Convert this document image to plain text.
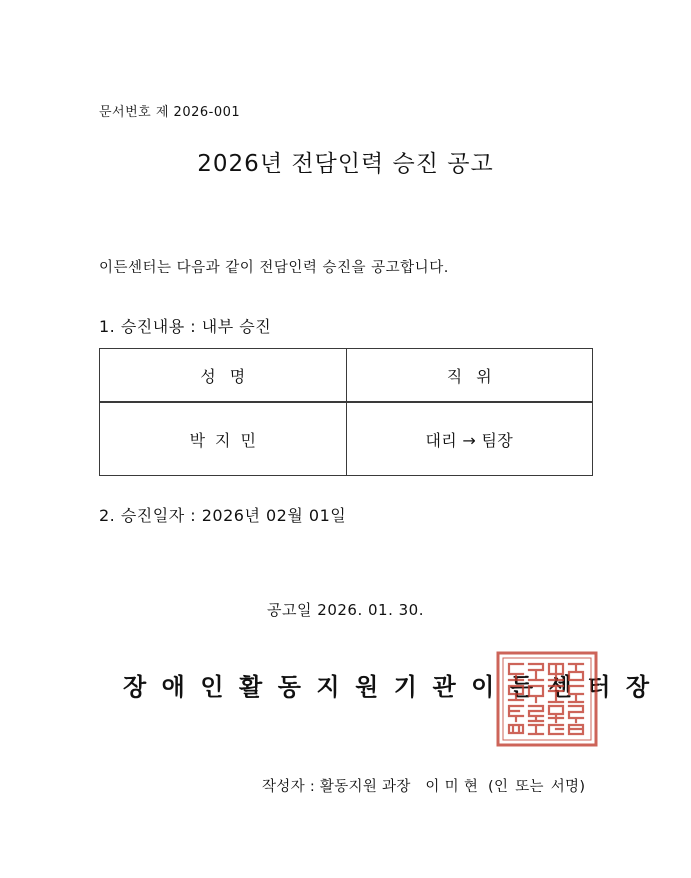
문서번호 제 2026-001
2026년 전담인력 승진 공고
이든센터는 다음과 같이 전담인력 승진을 공고합니다.
1. 승진내용 : 내부 승진
성명	직위
박지민	대리 → 팀장
2. 승진일자 : 2026년 02월 01일
공고일 2026. 01. 30.
장애인활동지원기관이든센터장
작성자 : 활동지원 과장 이 미 현 (인 또는 서명)
